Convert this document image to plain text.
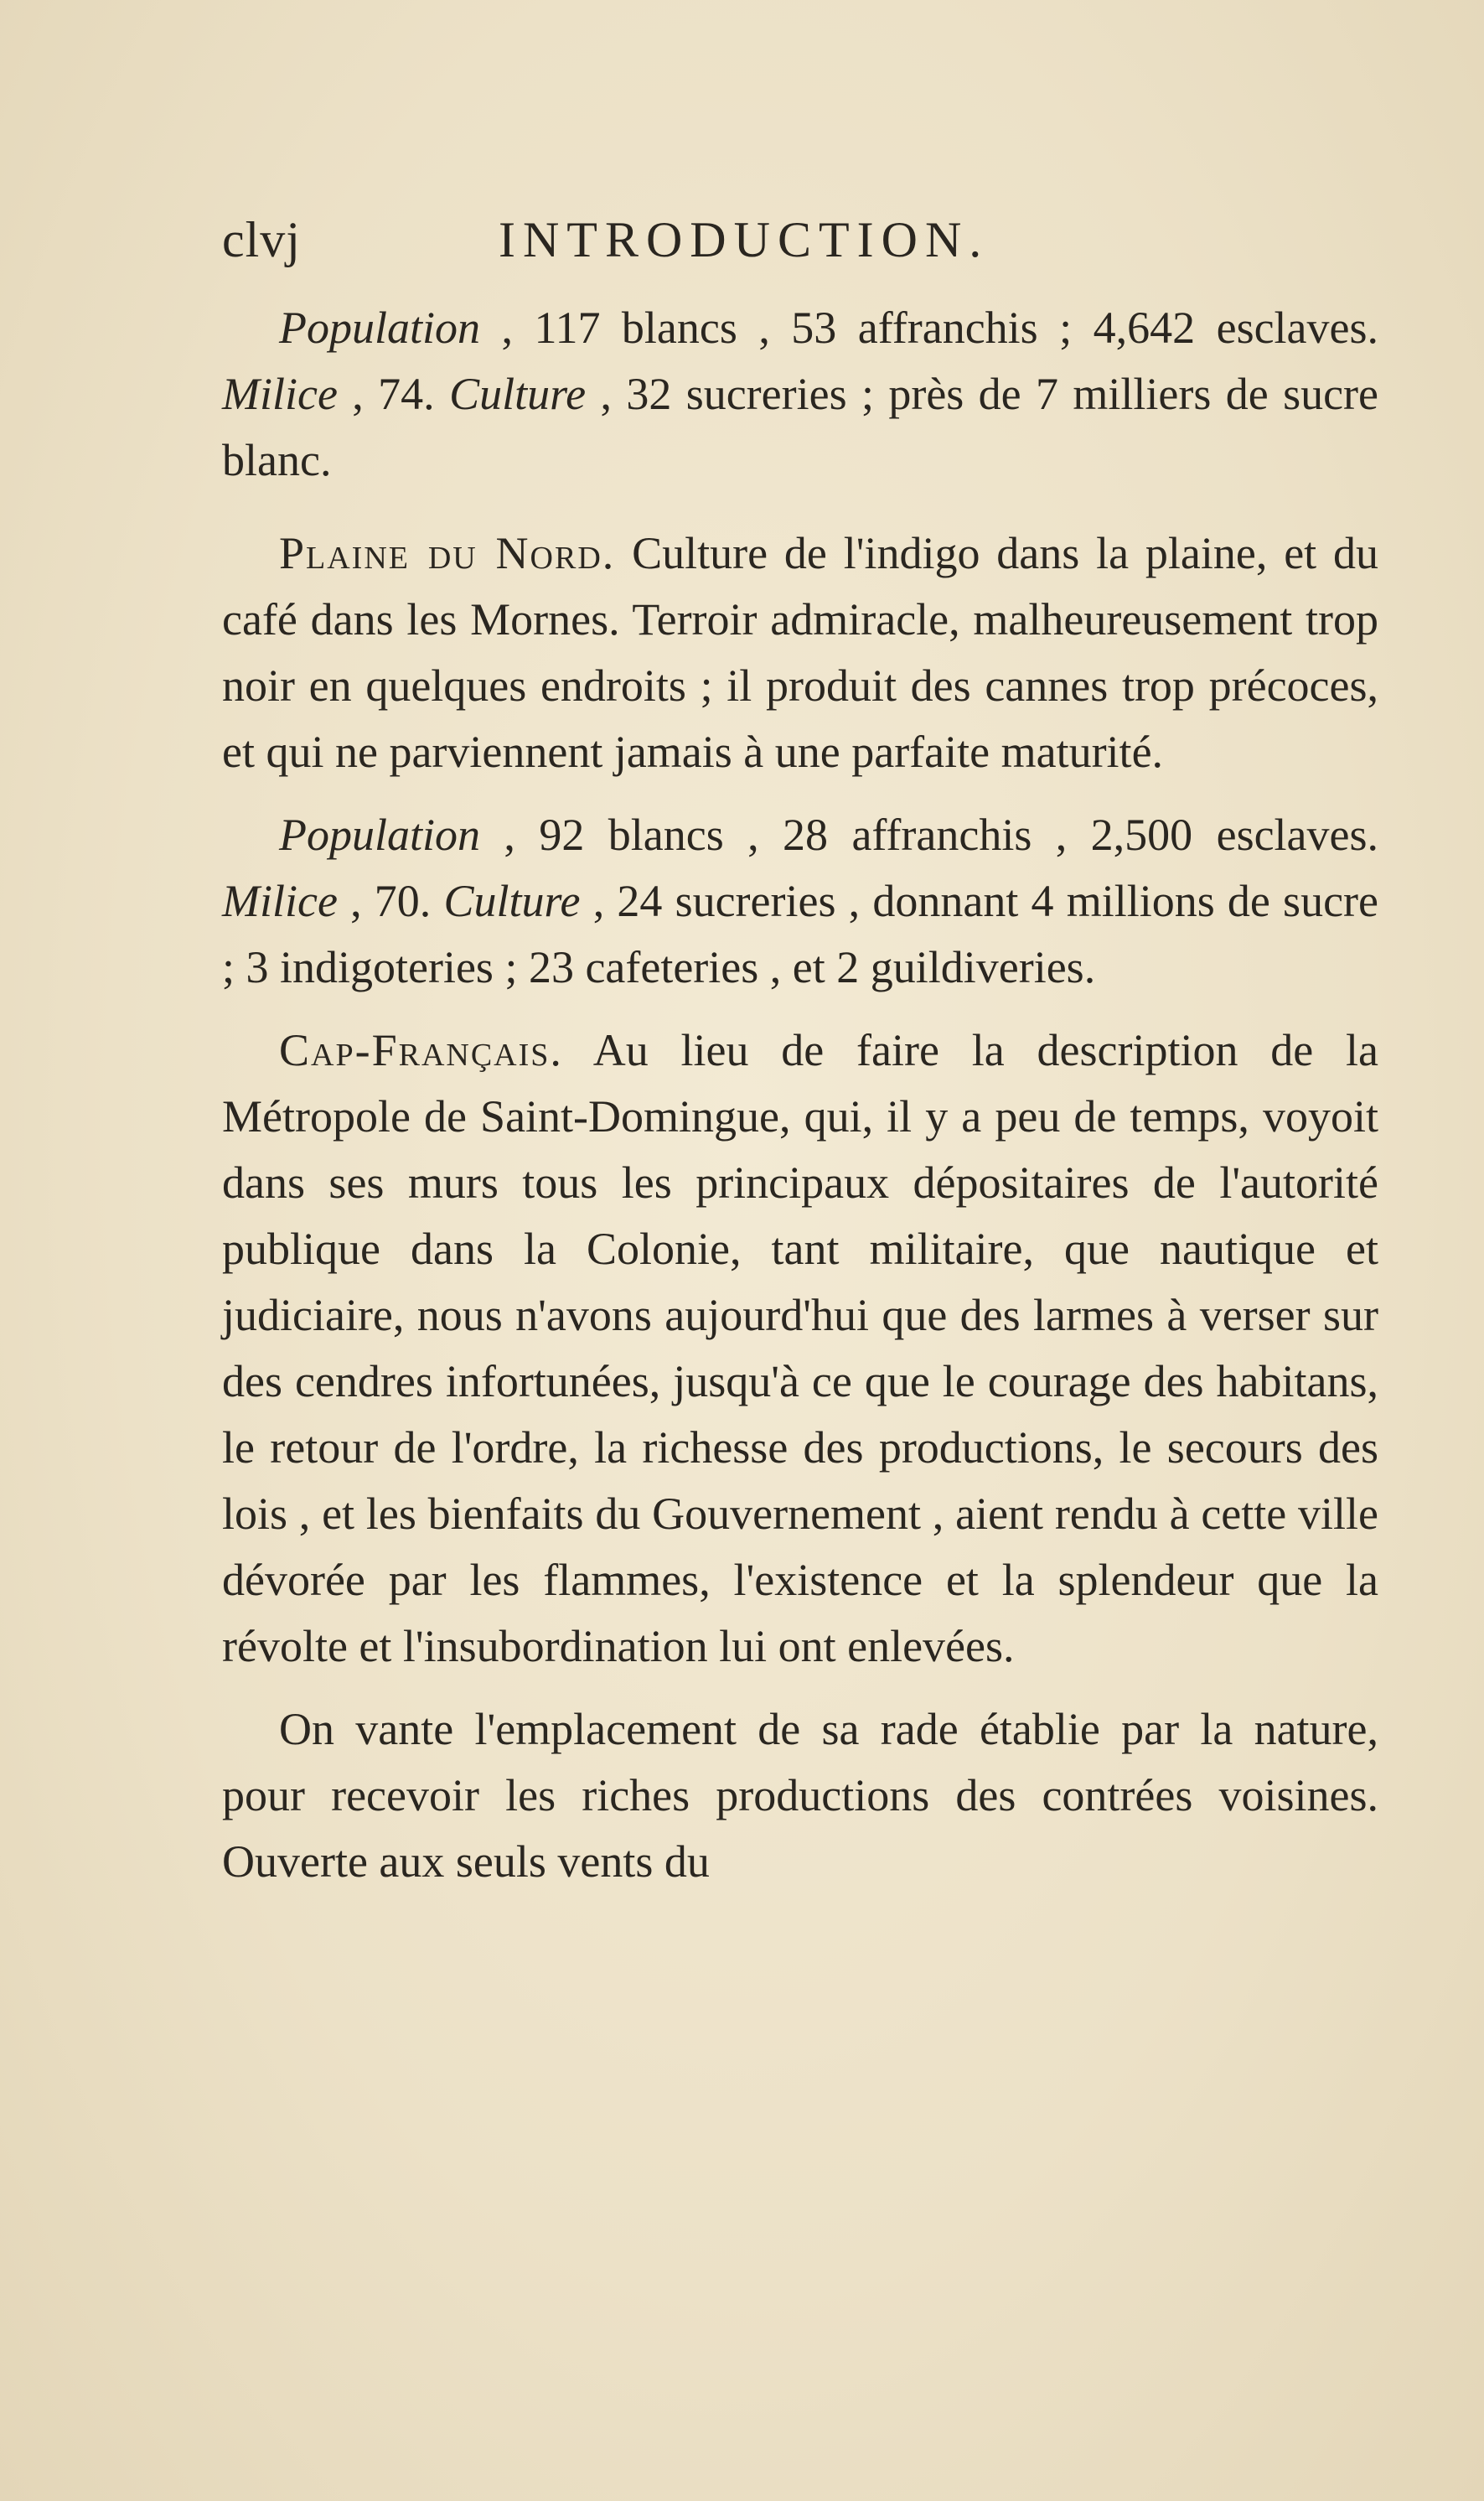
clvj	INTRODUCTION.

Population , 117 blancs , 53 affranchis ; 4,642 esclaves. Milice , 74. Culture , 32 sucreries ; près de 7 milliers de sucre blanc.

Plaine du Nord. Culture de l'indigo dans la plaine, et du café dans les Mornes. Terroir admiracle, malheureusement trop noir en quelques endroits ; il produit des cannes trop précoces, et qui ne parviennent jamais à une parfaite maturité.

Population , 92 blancs , 28 affranchis , 2,500 esclaves. Milice , 70. Culture , 24 sucreries , donnant 4 millions de sucre ; 3 indigoteries ; 23 cafeteries , et 2 guildiveries.

Cap-Français. Au lieu de faire la description de la Métropole de Saint-Domingue, qui, il y a peu de temps, voyoit dans ses murs tous les principaux dépositaires de l'autorité publique dans la Colonie, tant militaire, que nautique et judiciaire, nous n'avons aujourd'hui que des larmes à verser sur des cendres infortunées, jusqu'à ce que le courage des habitans, le retour de l'ordre, la richesse des productions, le secours des lois , et les bienfaits du Gouvernement , aient rendu à cette ville dévorée par les flammes, l'existence et la splendeur que la révolte et l'insubordination lui ont enlevées.

On vante l'emplacement de sa rade établie par la nature, pour recevoir les riches productions des contrées voisines. Ouverte aux seuls vents du
